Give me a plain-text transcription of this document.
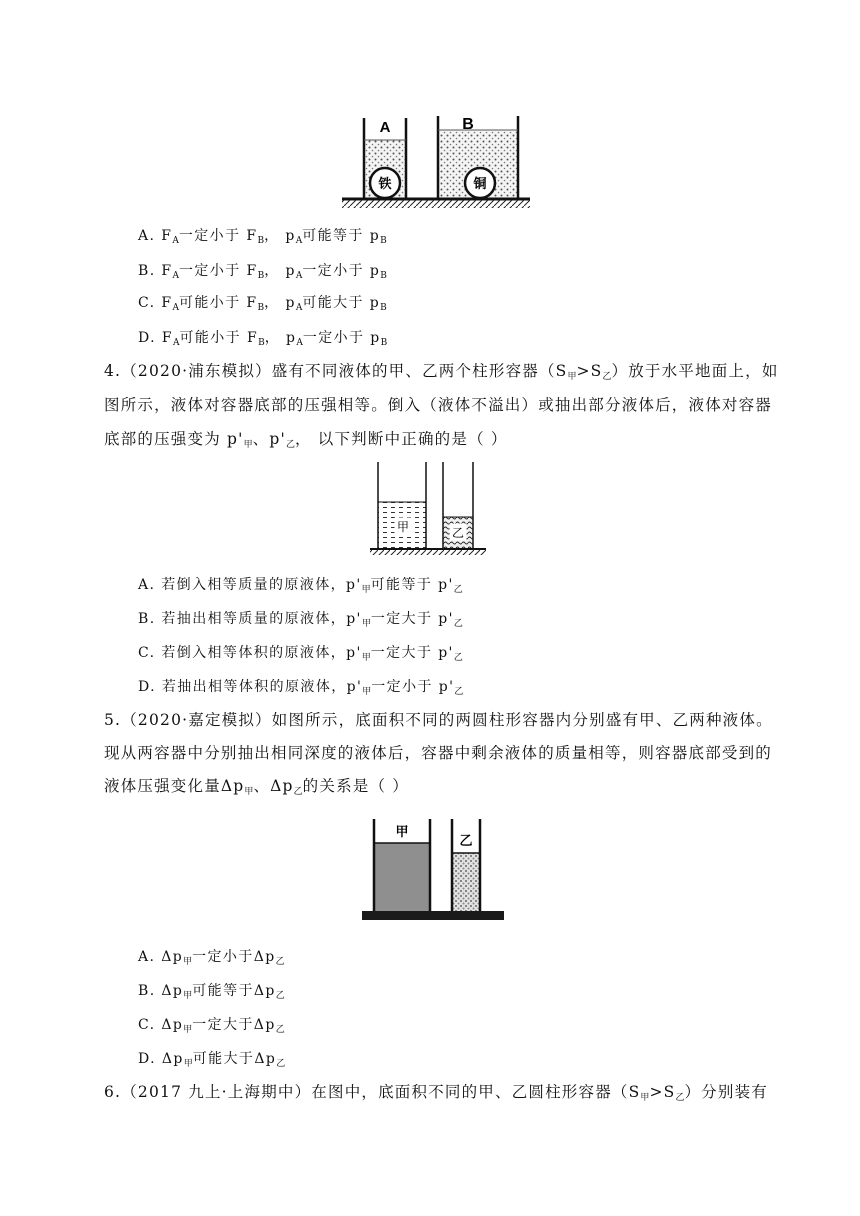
铁	铜
A	B
A. $F_A$一定小于 $F_B$， $p_A$可能等于 $p_B$
B. $F_A$一定小于 $F_B$， $p_A$一定小于 $p_B$
C. $F_A$可能小于 $F_B$， $p_A$可能大于 $p_B$
D. $F_A$可能小于 $F_B$， $p_A$一定小于 $p_B$
4.（2020·浦东模拟）盛有不同液体的甲、乙两个柱形容器$(S_甲>S_乙)$放于水平地面上，如
图所示，液体对容器底部的压强相等。倒入（液体不溢出）或抽出部分液体后，液体对容器
底部的压强变为 $p'_甲$、$p'_乙$， 以下判断中正确的是（ ）
甲	乙
A. 若倒入相等质量的原液体，$p'_甲$可能等于 $p'_乙$
B. 若抽出相等质量的原液体，$p'_甲$一定大于 $p'_乙$
C. 若倒入相等体积的原液体，$p'_甲$一定大于 $p'_乙$
D. 若抽出相等体积的原液体，$p'_甲$一定小于 $p'_乙$
5.（2020·嘉定模拟）如图所示，底面积不同的两圆柱形容器内分别盛有甲、乙两种液体。
现从两容器中分别抽出相同深度的液体后，容器中剩余液体的质量相等，则容器底部受到的
液体压强变化量$\Delta p_甲$、$\Delta p_乙$的关系是（ ）
甲
乙
A. $\Delta p_甲$一定小于$\Delta p_乙$
B. $\Delta p_甲$可能等于$\Delta p_乙$
C. $\Delta p_甲$一定大于$\Delta p_乙$
D. $\Delta p_甲$可能大于$\Delta p_乙$
6.（2017 九上·上海期中）在图中，底面积不同的甲、乙圆柱形容器$(S_甲>S_乙)$分别装有
